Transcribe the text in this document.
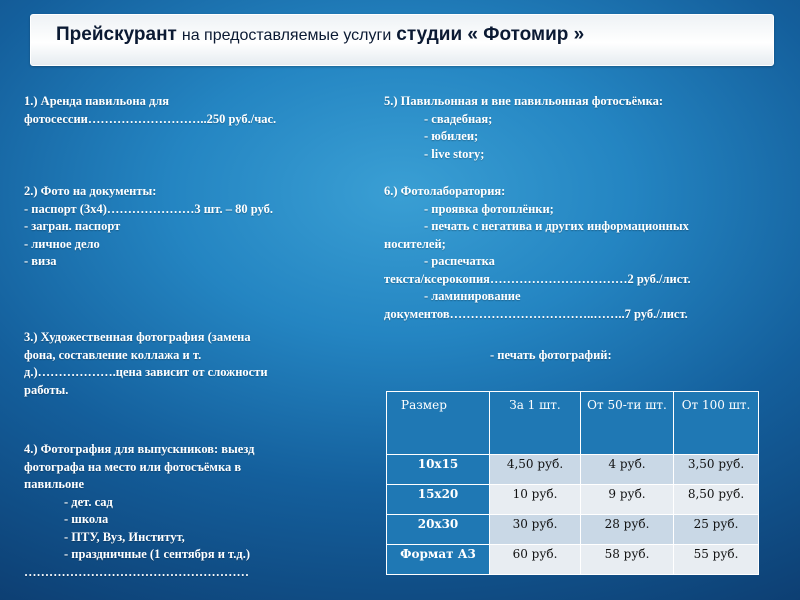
Прейскурант на предоставляемые услуги студии « Фотомир »
1.) Аренда павильона для
фотосессии………………………..250 руб./час.
2.) Фото на документы:
- паспорт (3х4)…………………3 шт. – 80 руб.
- загран. паспорт
- личное дело
- виза
3.) Художественная фотография (замена
фона, составление коллажа и т.
д.)……………….цена зависит от сложности
работы.
4.) Фотография для выпускников: выезд
фотографа на место или фотосъёмка в
павильоне
- дет. сад
- школа
- ПТУ, Вуз, Институт,
- праздничные (1 сентября и т.д.)
………………………………………………
5.) Павильонная и вне павильонная фотосъёмка:
- свадебная;
- юбилеи;
- live story;
6.) Фотолаборатория:
- проявка фотоплёнки;
- печать с негатива и других информационных
носителей;
- распечатка
текста/ксерокопия……………………………2 руб./лист.
- ламинирование
документов……………………………..……..7 руб./лист.
- печать фотографий:
Размер	За 1 шт.	От 50-ти шт.	От 100 шт.
10х15	4,50 руб.	4 руб.	3,50 руб.
15х20	10 руб.	9 руб.	8,50 руб.
20х30	30 руб.	28 руб.	25 руб.
Формат А3	60 руб.	58 руб.	55 руб.
